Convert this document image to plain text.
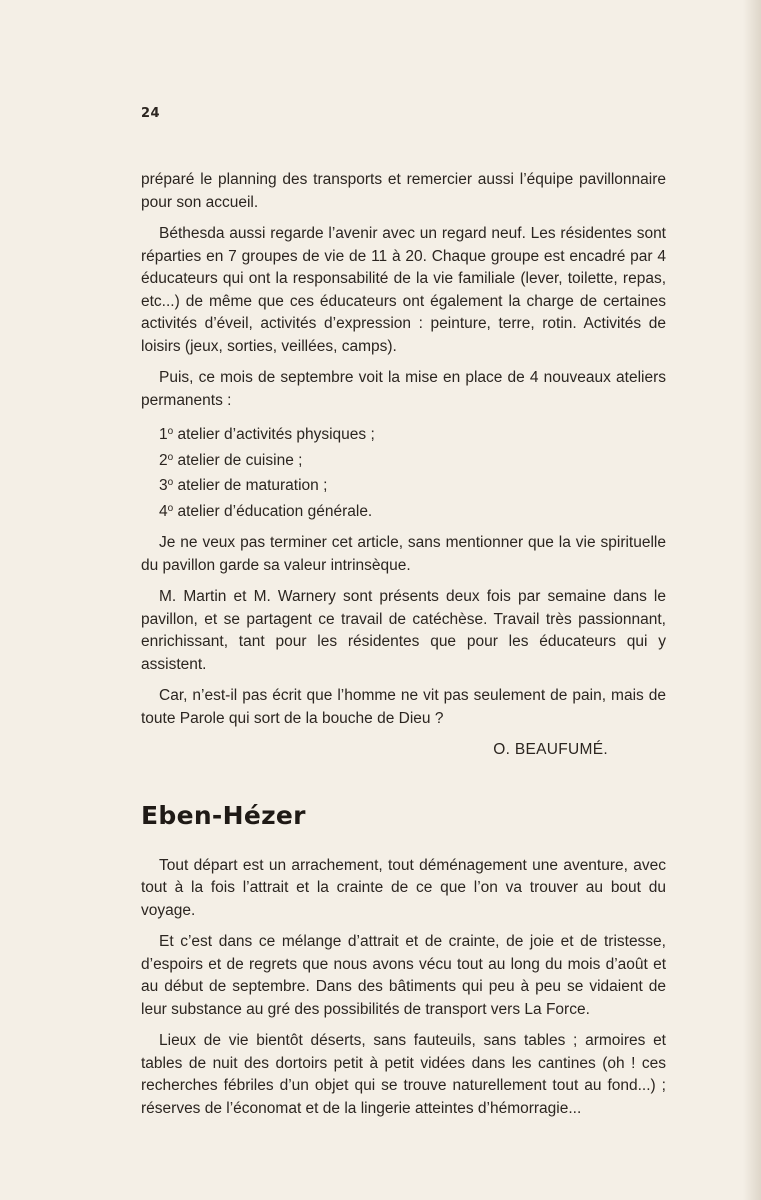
24

préparé le planning des transports et remercier aussi l’équipe pavillonnaire pour son accueil.

Béthesda aussi regarde l’avenir avec un regard neuf. Les résidentes sont réparties en 7 groupes de vie de 11 à 20. Chaque groupe est encadré par 4 éducateurs qui ont la responsabilité de la vie familiale (lever, toilette, repas, etc...) de même que ces éducateurs ont également la charge de certaines activités d’éveil, activités d’expression : peinture, terre, rotin. Activités de loisirs (jeux, sorties, veillées, camps).

Puis, ce mois de septembre voit la mise en place de 4 nouveaux ateliers permanents :

1$^o$ atelier d’activités physiques ;
2$^o$ atelier de cuisine ;
3$^o$ atelier de maturation ;
4$^o$ atelier d’éducation générale.

Je ne veux pas terminer cet article, sans mentionner que la vie spirituelle du pavillon garde sa valeur intrinsèque.

M. Martin et M. Warnery sont présents deux fois par semaine dans le pavillon, et se partagent ce travail de catéchèse. Travail très passionnant, enrichissant, tant pour les résidentes que pour les éducateurs qui y assistent.

Car, n’est-il pas écrit que l’homme ne vit pas seulement de pain, mais de toute Parole qui sort de la bouche de Dieu ?

O. BEAUFUMÉ.
Eben-Hézer

Tout départ est un arrachement, tout déménagement une aventure, avec tout à la fois l’attrait et la crainte de ce que l’on va trouver au bout du voyage.

Et c’est dans ce mélange d’attrait et de crainte, de joie et de tristesse, d’espoirs et de regrets que nous avons vécu tout au long du mois d’août et au début de septembre. Dans des bâtiments qui peu à peu se vidaient de leur substance au gré des possibilités de transport vers La Force.

Lieux de vie bientôt déserts, sans fauteuils, sans tables ; armoires et tables de nuit des dortoirs petit à petit vidées dans les cantines (oh ! ces recherches fébriles d’un objet qui se trouve naturellement tout au fond...) ; réserves de l’économat et de la lingerie atteintes d’hémorragie...
